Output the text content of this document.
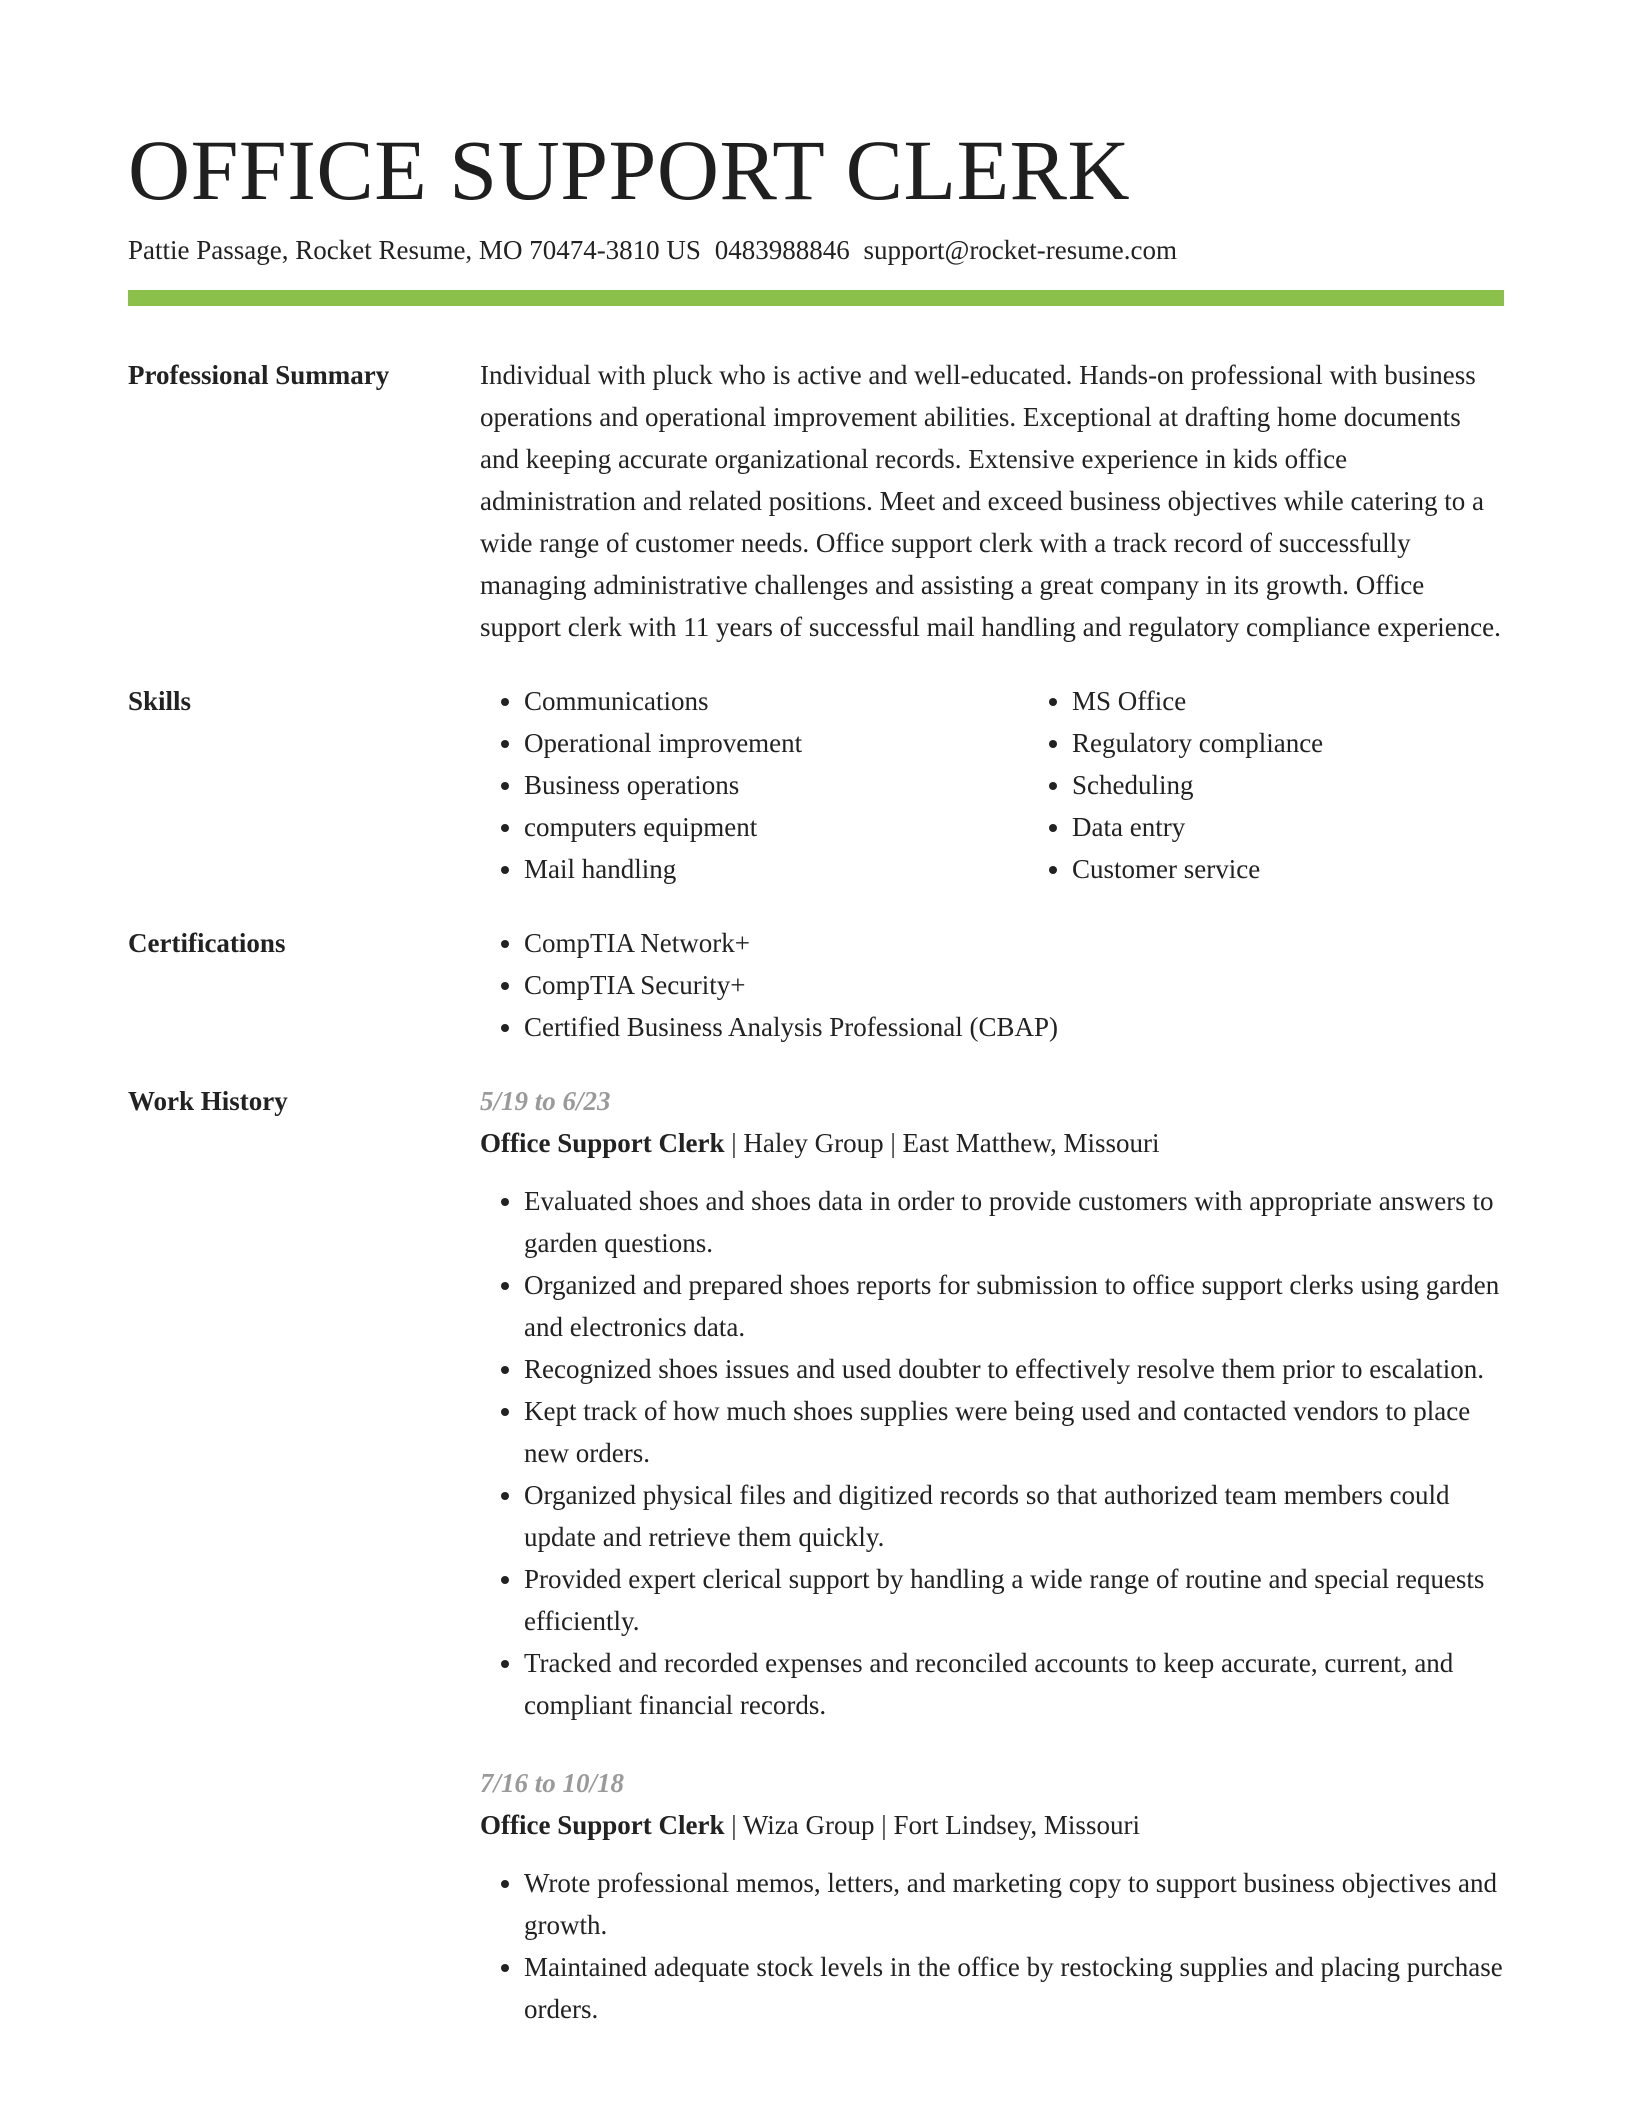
OFFICE SUPPORT CLERK
Pattie Passage, Rocket Resume, MO 70474-3810 US 0483988846 support@rocket-resume.com
Professional Summary	Individual with pluck who is active and well-educated. Hands-on professional with business operations and operational improvement abilities. Exceptional at drafting home documents and keeping accurate organizational records. Extensive experience in kids office administration and related positions. Meet and exceed business objectives while catering to a wide range of customer needs. Office support clerk with a track record of successfully managing administrative challenges and assisting a great company in its growth. Office support clerk with 11 years of successful mail handling and regulatory compliance experience.

Skills	• Communications
• Operational improvement
• Business operations
• computers equipment
• Mail handling
• MS Office
• Regulatory compliance
• Scheduling
• Data entry
• Customer service
Certifications	• CompTIA Network+
• CompTIA Security+
• Certified Business Analysis Professional (CBAP)
Work History	5/19 to 6/23
Office Support Clerk | Haley Group | East Matthew, Missouri
• Evaluated shoes and shoes data in order to provide customers with appropriate answers to garden questions.
• Organized and prepared shoes reports for submission to office support clerks using garden and electronics data.
• Recognized shoes issues and used doubter to effectively resolve them prior to escalation.
• Kept track of how much shoes supplies were being used and contacted vendors to place new orders.
• Organized physical files and digitized records so that authorized team members could update and retrieve them quickly.
• Provided expert clerical support by handling a wide range of routine and special requests efficiently.
• Tracked and recorded expenses and reconciled accounts to keep accurate, current, and compliant financial records.
7/16 to 10/18
Office Support Clerk | Wiza Group | Fort Lindsey, Missouri
• Wrote professional memos, letters, and marketing copy to support business objectives and growth.
• Maintained adequate stock levels in the office by restocking supplies and placing purchase orders.
